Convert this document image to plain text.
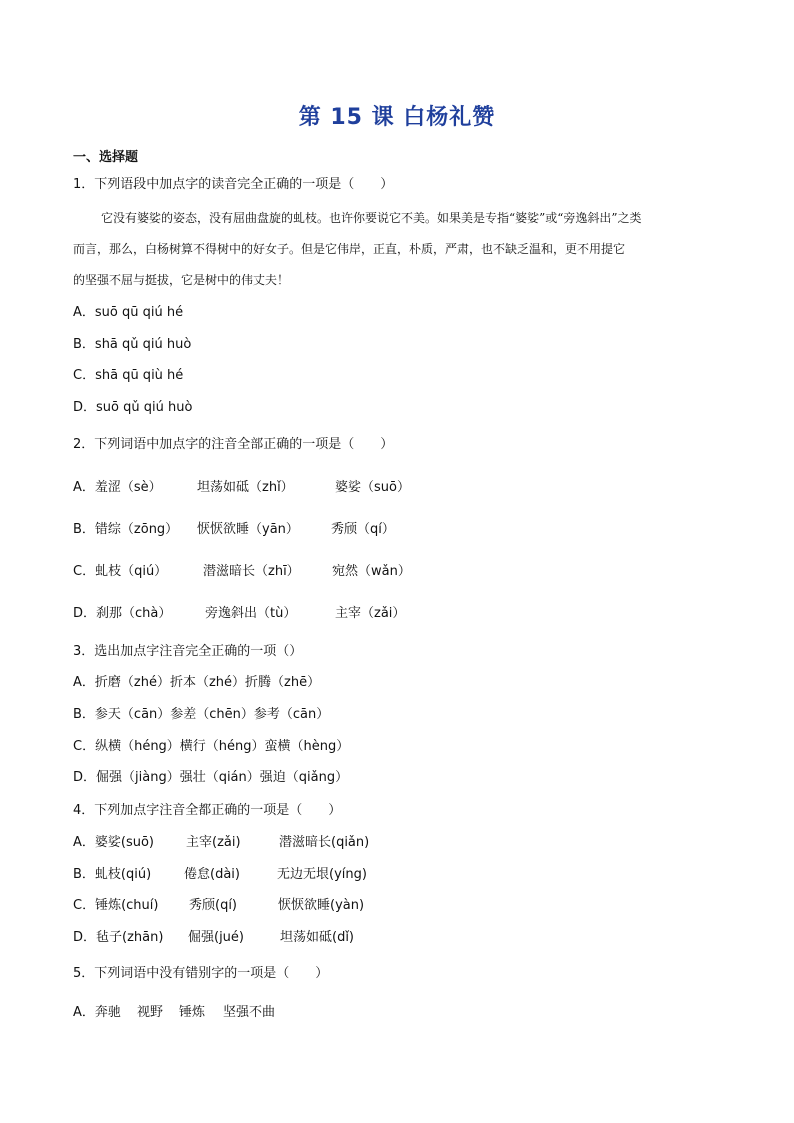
第 15 课 白杨礼赞
一、选择题
1．下列语段中加点字的读音完全正确的一项是（　　）
它没有婆娑的姿态，没有屈曲盘旋的虬枝。也许你要说它不美。如果美是专指“婆娑”或“旁逸斜出”之类
而言，那么，白杨树算不得树中的好女子。但是它伟岸，正直，朴质，严肃，也不缺乏温和，更不用提它
的坚强不屈与挺拔，它是树中的伟丈夫！
A．suō qū qiú hé
B．shā qǔ qiú huò
C．shā qū qiù hé
D．suō qǔ qiú huò
2．下列词语中加点字的注音全部正确的一项是（　　）
A．羞涩（sè）	坦荡如砥（zhǐ）	婆娑（suō）
B．错综（zōng） 恹恹欲睡（yān） 秀颀（qí）
C．虬枝（qiú）	潜滋暗长（zhī） 宛然（wǎn）
D．刹那（chà）	旁逸斜出（tù）	主宰（zǎi）
3．选出加点字注音完全正确的一项（）
A．折磨（zhé）折本（zhé）折腾（zhē）
B．参天（cān）参差（chēn）参考（cān）
C．纵横（héng）横行（héng）蛮横（hèng）
D．倔强（jiàng）强壮（qián）强迫（qiǎng）
4．下列加点字注音全都正确的一项是（　　）
A．婆娑(suō) 主宰(zǎi)	潜滋暗长(qiǎn)
B．虬枝(qiú)	倦怠(dài)	无边无垠(yíng)
C．锤炼(chuí) 秀颀(qí)	恹恹欲睡(yàn)
D．毡子(zhān) 倔强(jué)	坦荡如砥(dǐ)
5．下列词语中没有错别字的一项是（　　）
A．奔驰 视野 锤炼 坚强不曲
